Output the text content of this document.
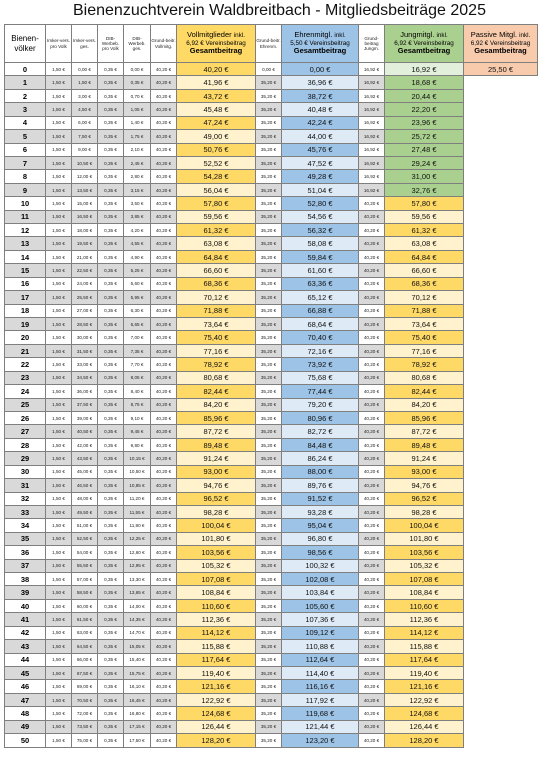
Bienenzuchtverein Waldbreitbach - Mitgliedsbeiträge 2025
Bienen-völker	Imker-vers. pro Volk	Imker-vers. ges.	DIB-Werbeb. pro Volk	DIB-Werbeb. ges.	Grund-beitr. Vollmitg.	Vollmitglieder inkl.
6,92 € Vereinsbeitrag
Gesamtbeitrag	Grund-beitr. Ehrenm.	Ehrenmitgl. inkl.
5,50 € Vereinsbeitrag
Gesamtbeitrag	Grund-beitrag Jungm.	Jungmitgl. inkl.
6,92 € Vereinsbeitrag
Gesamtbeitrag	Passive Mitgl. inkl.
6,92 € Vereinsbeitrag
Gesamtbeitrag

0	1,50 €	0,00 €	0,35 €	0,00 €	40,20 €	40,20 €	0,00 €	0,00 €	16,92 €	16,92 €	25,50 €
1	1,50 €	1,50 €	0,35 €	0,35 €	40,20 €	41,96 €	35,20 €	36,96 €	16,92 €	18,68 €	
2	1,50 €	3,00 €	0,35 €	0,70 €	40,20 €	43,72 €	35,20 €	38,72 €	16,92 €	20,44 €	
3	1,50 €	4,50 €	0,35 €	1,05 €	40,20 €	45,48 €	35,20 €	40,48 €	16,92 €	22,20 €	
4	1,50 €	6,00 €	0,35 €	1,40 €	40,20 €	47,24 €	35,20 €	42,24 €	16,92 €	23,96 €	
5	1,50 €	7,50 €	0,35 €	1,75 €	40,20 €	49,00 €	35,20 €	44,00 €	16,92 €	25,72 €	
6	1,50 €	9,00 €	0,35 €	2,10 €	40,20 €	50,76 €	35,20 €	45,76 €	16,92 €	27,48 €	
7	1,50 €	10,50 €	0,35 €	2,45 €	40,20 €	52,52 €	35,20 €	47,52 €	16,92 €	29,24 €	
8	1,50 €	12,00 €	0,35 €	2,80 €	40,20 €	54,28 €	35,20 €	49,28 €	16,92 €	31,00 €	
9	1,50 €	13,50 €	0,35 €	3,15 €	40,20 €	56,04 €	35,20 €	51,04 €	16,92 €	32,76 €	
10	1,50 €	15,00 €	0,35 €	3,50 €	40,20 €	57,80 €	35,20 €	52,80 €	40,20 €	57,80 €	
11	1,50 €	16,50 €	0,35 €	3,85 €	40,20 €	59,56 €	35,20 €	54,56 €	40,20 €	59,56 €	
12	1,50 €	18,00 €	0,35 €	4,20 €	40,20 €	61,32 €	35,20 €	56,32 €	40,20 €	61,32 €	
13	1,50 €	19,50 €	0,35 €	4,55 €	40,20 €	63,08 €	35,20 €	58,08 €	40,20 €	63,08 €	
14	1,50 €	21,00 €	0,35 €	4,90 €	40,20 €	64,84 €	35,20 €	59,84 €	40,20 €	64,84 €	
15	1,50 €	22,50 €	0,35 €	5,25 €	40,20 €	66,60 €	35,20 €	61,60 €	40,20 €	66,60 €	
16	1,50 €	24,00 €	0,35 €	5,60 €	40,20 €	68,36 €	35,20 €	63,36 €	40,20 €	68,36 €	
17	1,50 €	25,50 €	0,35 €	5,95 €	40,20 €	70,12 €	35,20 €	65,12 €	40,20 €	70,12 €	
18	1,50 €	27,00 €	0,35 €	6,30 €	40,20 €	71,88 €	35,20 €	66,88 €	40,20 €	71,88 €	
19	1,50 €	28,50 €	0,35 €	6,65 €	40,20 €	73,64 €	35,20 €	68,64 €	40,20 €	73,64 €	
20	1,50 €	30,00 €	0,35 €	7,00 €	40,20 €	75,40 €	35,20 €	70,40 €	40,20 €	75,40 €	
21	1,50 €	31,50 €	0,35 €	7,35 €	40,20 €	77,16 €	35,20 €	72,16 €	40,20 €	77,16 €	
22	1,50 €	33,00 €	0,35 €	7,70 €	40,20 €	78,92 €	35,20 €	73,92 €	40,20 €	78,92 €	
23	1,50 €	34,50 €	0,35 €	8,05 €	40,20 €	80,68 €	35,20 €	75,68 €	40,20 €	80,68 €	
24	1,50 €	36,00 €	0,35 €	8,40 €	40,20 €	82,44 €	35,20 €	77,44 €	40,20 €	82,44 €	
25	1,50 €	37,50 €	0,35 €	8,75 €	40,20 €	84,20 €	35,20 €	79,20 €	40,20 €	84,20 €	
26	1,50 €	39,00 €	0,35 €	9,10 €	40,20 €	85,96 €	35,20 €	80,96 €	40,20 €	85,96 €	
27	1,50 €	40,50 €	0,35 €	9,45 €	40,20 €	87,72 €	35,20 €	82,72 €	40,20 €	87,72 €	
28	1,50 €	42,00 €	0,35 €	9,80 €	40,20 €	89,48 €	35,20 €	84,48 €	40,20 €	89,48 €	
29	1,50 €	43,50 €	0,35 €	10,15 €	40,20 €	91,24 €	35,20 €	86,24 €	40,20 €	91,24 €	
30	1,50 €	45,00 €	0,35 €	10,50 €	40,20 €	93,00 €	35,20 €	88,00 €	40,20 €	93,00 €	
31	1,50 €	46,50 €	0,35 €	10,85 €	40,20 €	94,76 €	35,20 €	89,76 €	40,20 €	94,76 €	
32	1,50 €	48,00 €	0,35 €	11,20 €	40,20 €	96,52 €	35,20 €	91,52 €	40,20 €	96,52 €	
33	1,50 €	49,50 €	0,35 €	11,55 €	40,20 €	98,28 €	35,20 €	93,28 €	40,20 €	98,28 €	
34	1,50 €	51,00 €	0,35 €	11,90 €	40,20 €	100,04 €	35,20 €	95,04 €	40,20 €	100,04 €	
35	1,50 €	52,50 €	0,35 €	12,25 €	40,20 €	101,80 €	35,20 €	96,80 €	40,20 €	101,80 €	
36	1,50 €	54,00 €	0,35 €	12,60 €	40,20 €	103,56 €	35,20 €	98,56 €	40,20 €	103,56 €	
37	1,50 €	55,50 €	0,35 €	12,95 €	40,20 €	105,32 €	35,20 €	100,32 €	40,20 €	105,32 €	
38	1,50 €	57,00 €	0,35 €	13,30 €	40,20 €	107,08 €	35,20 €	102,08 €	40,20 €	107,08 €	
39	1,50 €	58,50 €	0,35 €	13,65 €	40,20 €	108,84 €	35,20 €	103,84 €	40,20 €	108,84 €	
40	1,50 €	60,00 €	0,35 €	14,00 €	40,20 €	110,60 €	35,20 €	105,60 €	40,20 €	110,60 €	
41	1,50 €	61,50 €	0,35 €	14,35 €	40,20 €	112,36 €	35,20 €	107,36 €	40,20 €	112,36 €	
42	1,50 €	63,00 €	0,35 €	14,70 €	40,20 €	114,12 €	35,20 €	109,12 €	40,20 €	114,12 €	
43	1,50 €	64,50 €	0,35 €	15,05 €	40,20 €	115,88 €	35,20 €	110,88 €	40,20 €	115,88 €	
44	1,50 €	66,00 €	0,35 €	15,40 €	40,20 €	117,64 €	35,20 €	112,64 €	40,20 €	117,64 €	
45	1,50 €	67,50 €	0,35 €	15,75 €	40,20 €	119,40 €	35,20 €	114,40 €	40,20 €	119,40 €	
46	1,50 €	69,00 €	0,35 €	16,10 €	40,20 €	121,16 €	35,20 €	116,16 €	40,20 €	121,16 €	
47	1,50 €	70,50 €	0,35 €	16,45 €	40,20 €	122,92 €	35,20 €	117,92 €	40,20 €	122,92 €	
48	1,50 €	72,00 €	0,35 €	16,80 €	40,20 €	124,68 €	35,20 €	119,68 €	40,20 €	124,68 €	
49	1,50 €	73,50 €	0,35 €	17,15 €	40,20 €	126,44 €	35,20 €	121,44 €	40,20 €	126,44 €	
50	1,50 €	75,00 €	0,35 €	17,50 €	40,20 €	128,20 €	35,20 €	123,20 €	40,20 €	128,20 €	
